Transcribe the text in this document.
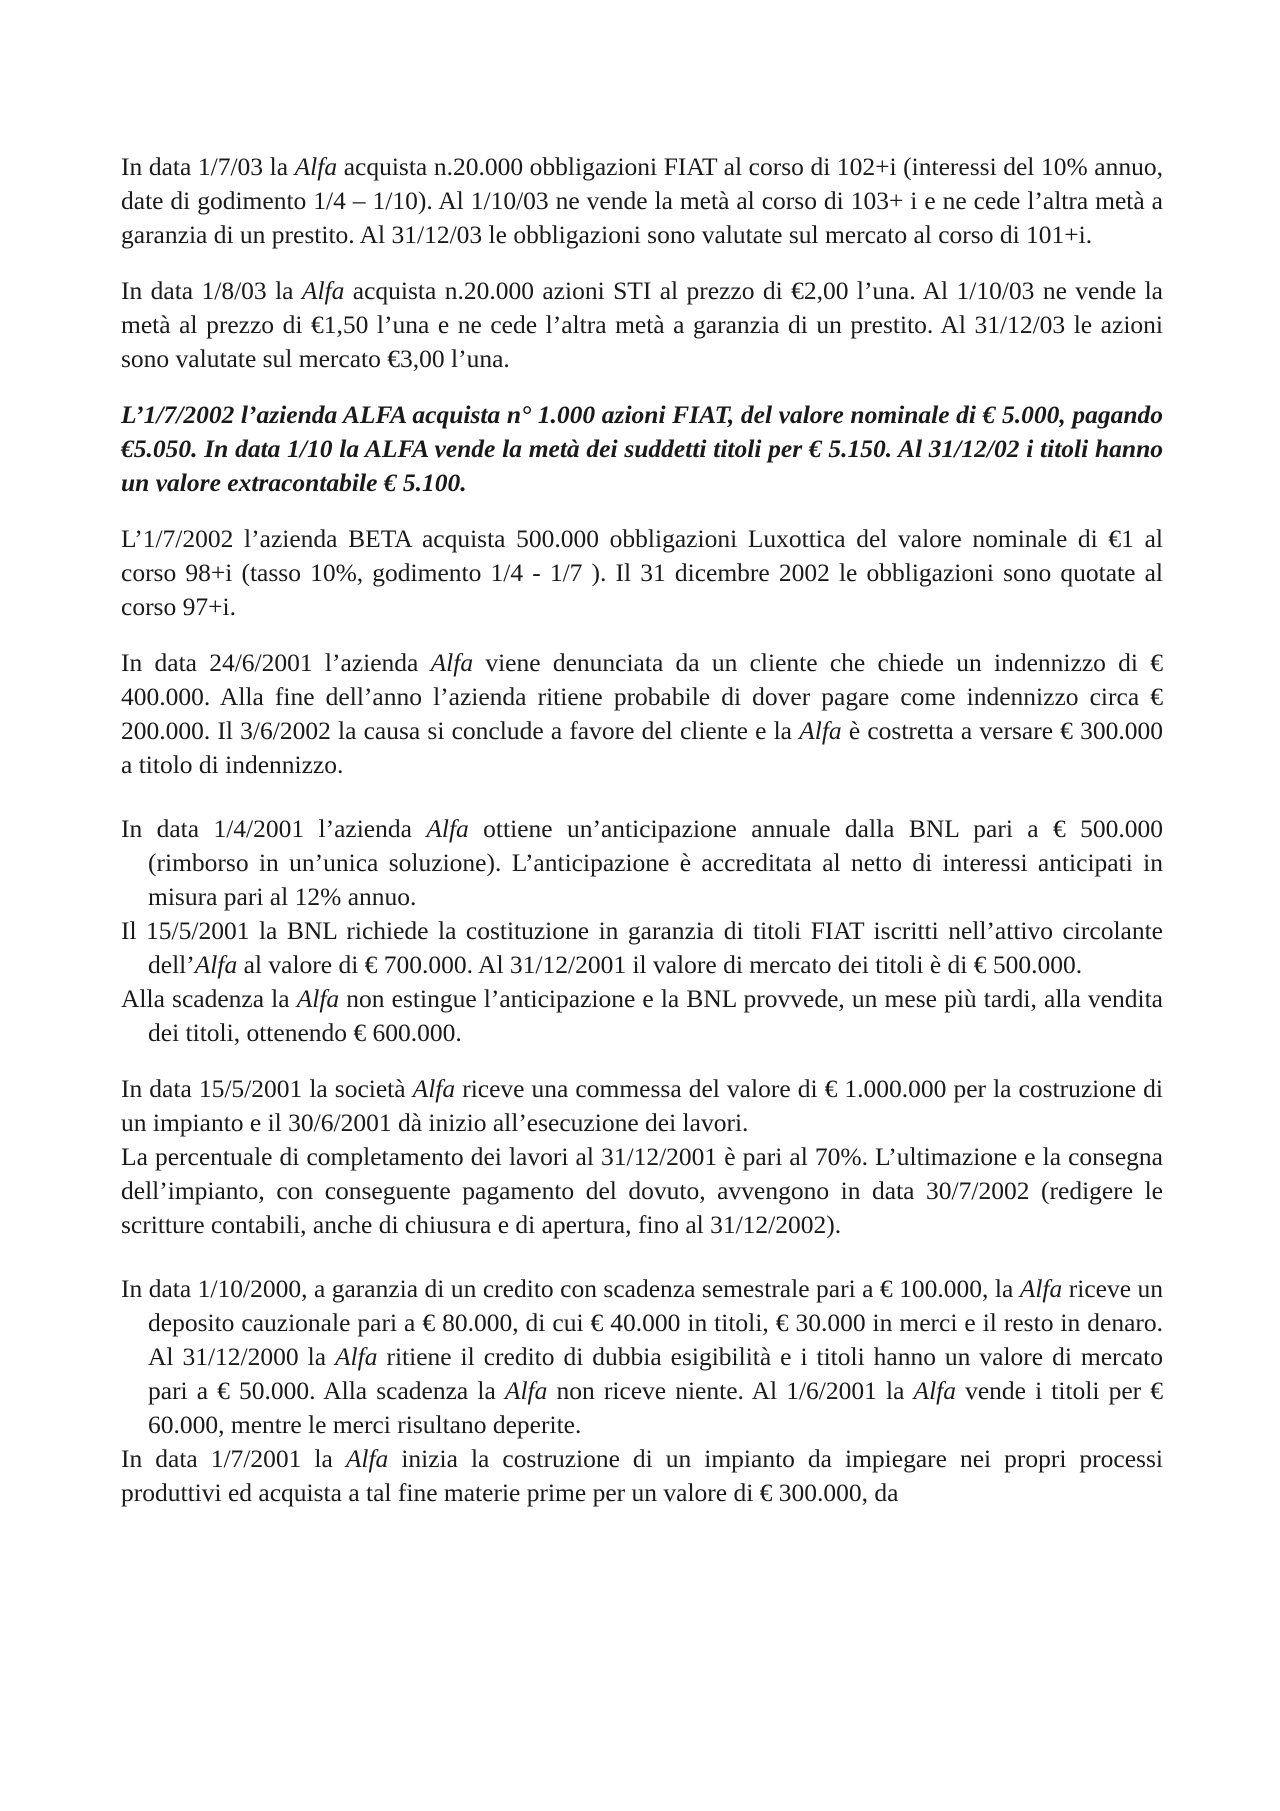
In data 1/7/03 la Alfa acquista n.20.000 obbligazioni FIAT al corso di 102+i (interessi del 10% annuo, date di godimento 1/4 – 1/10). Al 1/10/03 ne vende la metà al corso di 103+ i e ne cede l’altra metà a garanzia di un prestito. Al 31/12/03 le obbligazioni sono valutate sul mercato al corso di 101+i.

In data 1/8/03 la Alfa acquista n.20.000 azioni STI al prezzo di €2,00 l’una. Al 1/10/03 ne vende la metà al prezzo di €1,50 l’una e ne cede l’altra metà a garanzia di un prestito. Al 31/12/03 le azioni sono valutate sul mercato €3,00 l’una.

L’1/7/2002 l’azienda ALFA acquista n° 1.000 azioni FIAT, del valore nominale di € 5.000, pagando €5.050. In data 1/10 la ALFA vende la metà dei suddetti titoli per € 5.150. Al 31/12/02 i titoli hanno un valore extracontabile € 5.100.

L’1/7/2002 l’azienda BETA acquista 500.000 obbligazioni Luxottica del valore nominale di €1 al corso 98+i (tasso 10%, godimento 1/4 - 1/7 ). Il 31 dicembre 2002 le obbligazioni sono quotate al corso 97+i.

In data 24/6/2001 l’azienda Alfa viene denunciata da un cliente che chiede un indennizzo di € 400.000. Alla fine dell’anno l’azienda ritiene probabile di dover pagare come indennizzo circa € 200.000. Il 3/6/2002 la causa si conclude a favore del cliente e la Alfa è costretta a versare € 300.000 a titolo di indennizzo.

In data 1/4/2001 l’azienda Alfa ottiene un’anticipazione annuale dalla BNL pari a € 500.000 (rimborso in un’unica soluzione). L’anticipazione è accreditata al netto di interessi anticipati in misura pari al 12% annuo.

Il 15/5/2001 la BNL richiede la costituzione in garanzia di titoli FIAT iscritti nell’attivo circolante dell’Alfa al valore di € 700.000. Al 31/12/2001 il valore di mercato dei titoli è di € 500.000.

Alla scadenza la Alfa non estingue l’anticipazione e la BNL provvede, un mese più tardi, alla vendita dei titoli, ottenendo € 600.000.

In data 15/5/2001 la società Alfa riceve una commessa del valore di € 1.000.000 per la costruzione di un impianto e il 30/6/2001 dà inizio all’esecuzione dei lavori.

La percentuale di completamento dei lavori al 31/12/2001 è pari al 70%. L’ultimazione e la consegna dell’impianto, con conseguente pagamento del dovuto, avvengono in data 30/7/2002 (redigere le scritture contabili, anche di chiusura e di apertura, fino al 31/12/2002).

In data 1/10/2000, a garanzia di un credito con scadenza semestrale pari a € 100.000, la Alfa riceve un deposito cauzionale pari a € 80.000, di cui € 40.000 in titoli, € 30.000 in merci e il resto in denaro. Al 31/12/2000 la Alfa ritiene il credito di dubbia esigibilità e i titoli hanno un valore di mercato pari a € 50.000. Alla scadenza la Alfa non riceve niente. Al 1/6/2001 la Alfa vende i titoli per € 60.000, mentre le merci risultano deperite.

In data 1/7/2001 la Alfa inizia la costruzione di un impianto da impiegare nei propri processi produttivi ed acquista a tal fine materie prime per un valore di € 300.000, da
